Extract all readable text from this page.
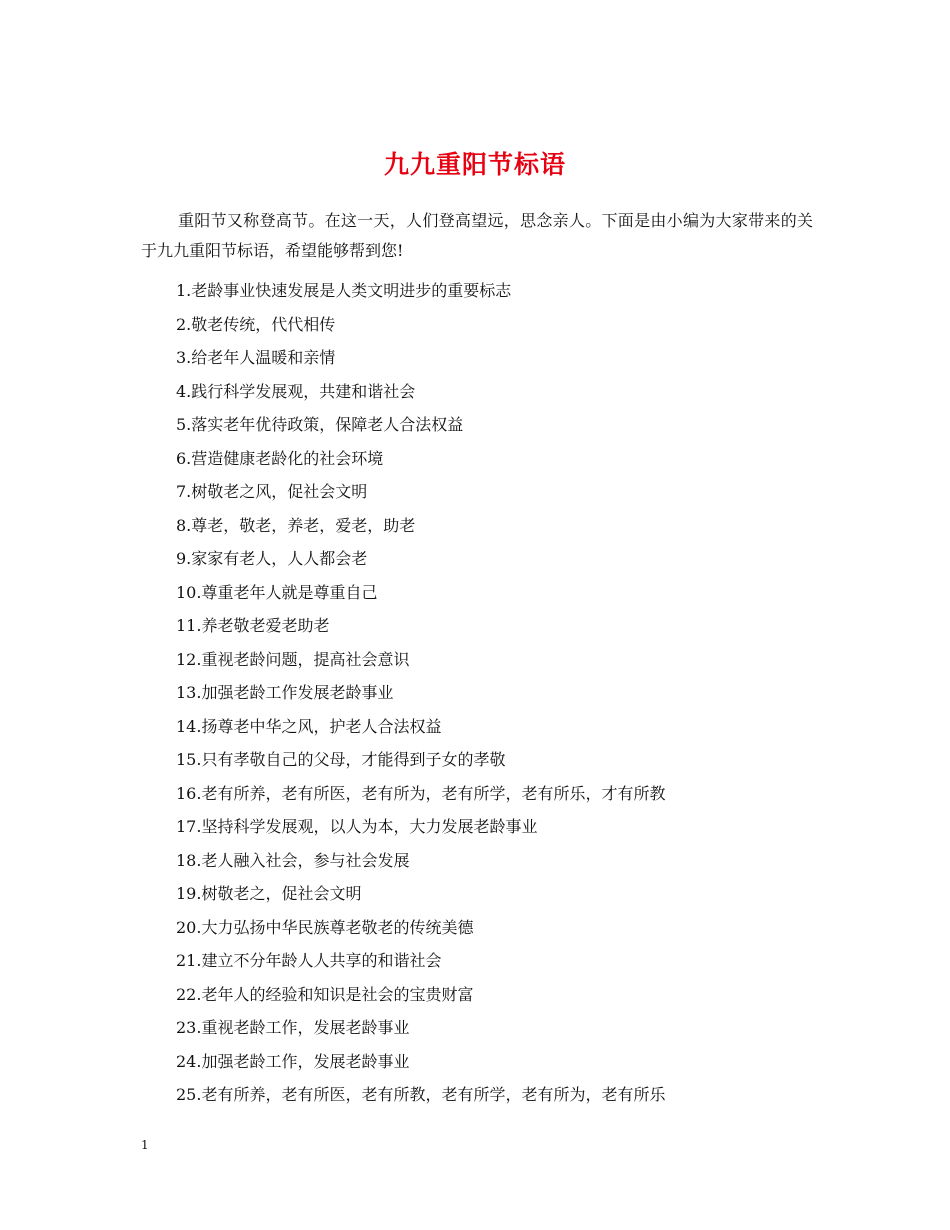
九九重阳节标语

重阳节又称登高节。在这一天，人们登高望远，思念亲人。下面是由小编为大家带来的关于九九重阳节标语，希望能够帮到您!

1.老龄事业快速发展是人类文明进步的重要标志
2.敬老传统，代代相传
3.给老年人温暖和亲情
4.践行科学发展观，共建和谐社会
5.落实老年优待政策，保障老人合法权益
6.营造健康老龄化的社会环境
7.树敬老之风，促社会文明
8.尊老，敬老，养老，爱老，助老
9.家家有老人，人人都会老
10.尊重老年人就是尊重自己
11.养老敬老爱老助老
12.重视老龄问题，提高社会意识
13.加强老龄工作发展老龄事业
14.扬尊老中华之风，护老人合法权益
15.只有孝敬自己的父母，才能得到子女的孝敬
16.老有所养，老有所医，老有所为，老有所学，老有所乐，才有所教
17.坚持科学发展观，以人为本，大力发展老龄事业
18.老人融入社会，参与社会发展
19.树敬老之，促社会文明
20.大力弘扬中华民族尊老敬老的传统美德
21.建立不分年龄人人共享的和谐社会
22.老年人的经验和知识是社会的宝贵财富
23.重视老龄工作，发展老龄事业
24.加强老龄工作，发展老龄事业
25.老有所养，老有所医，老有所教，老有所学，老有所为，老有所乐
1
